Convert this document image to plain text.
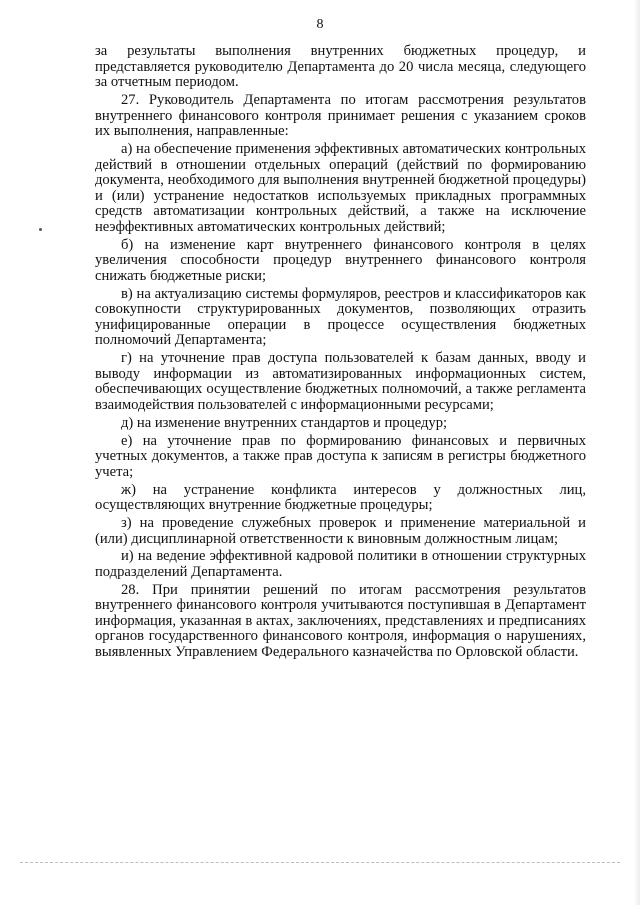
8

за результаты выполнения внутренних бюджетных процедур, и представляется руководителю Департамента до 20 числа месяца, следующего за отчетным периодом.

27. Руководитель Департамента по итогам рассмотрения результатов внутреннего финансового контроля принимает решения с указанием сроков их выполнения, направленные:

а) на обеспечение применения эффективных автоматических контрольных действий в отношении отдельных операций (действий по формированию документа, необходимого для выполнения внутренней бюджетной процедуры) и (или) устранение недостатков используемых прикладных программных средств автоматизации контрольных действий, а также на исключение неэффективных автоматических контрольных действий;

б) на изменение карт внутреннего финансового контроля в целях увеличения способности процедур внутреннего финансового контроля снижать бюджетные риски;

в) на актуализацию системы формуляров, реестров и классификаторов как совокупности структурированных документов, позволяющих отразить унифицированные операции в процессе осуществления бюджетных полномочий Департамента;

г) на уточнение прав доступа пользователей к базам данных, вводу и выводу информации из автоматизированных информационных систем, обеспечивающих осуществление бюджетных полномочий, а также регламента взаимодействия пользователей с информационными ресурсами;

д) на изменение внутренних стандартов и процедур;

е) на уточнение прав по формированию финансовых и первичных учетных документов, а также прав доступа к записям в регистры бюджетного учета;

ж) на устранение конфликта интересов у должностных лиц, осуществляющих внутренние бюджетные процедуры;

з) на проведение служебных проверок и применение материальной и (или) дисциплинарной ответственности к виновным должностным лицам;

и) на ведение эффективной кадровой политики в отношении структурных подразделений Департамента.

28. При принятии решений по итогам рассмотрения результатов внутреннего финансового контроля учитываются поступившая в Департамент информация, указанная в актах, заключениях, представлениях и предписаниях органов государственного финансового контроля, информация о нарушениях, выявленных Управлением Федерального казначейства по Орловской области.
